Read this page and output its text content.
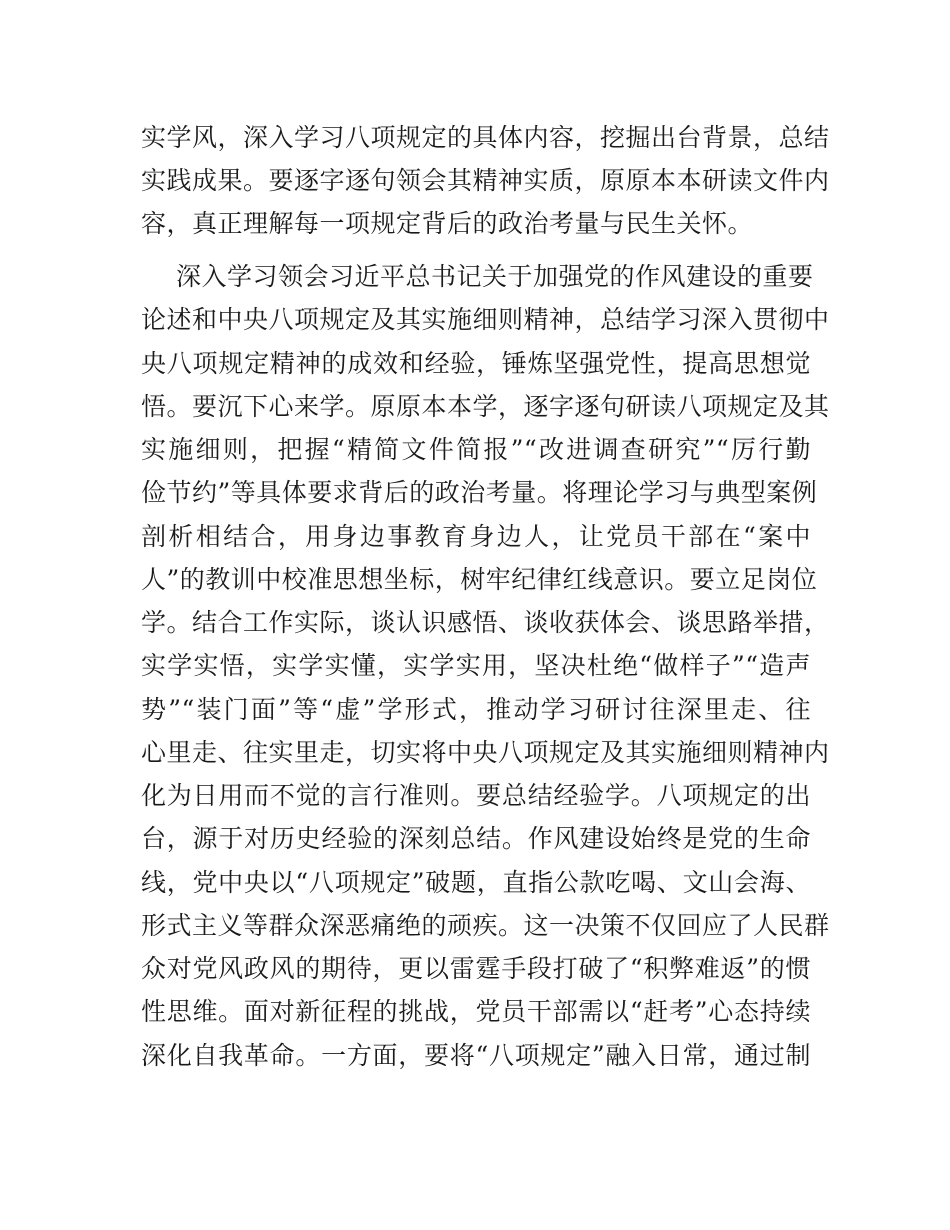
实学风，深入学习八项规定的具体内容，挖掘出台背景，总结
实践成果。要逐字逐句领会其精神实质，原原本本研读文件内
容，真正理解每一项规定背后的政治考量与民生关怀。
深入学习领会习近平总书记关于加强党的作风建设的重要
论述和中央八项规定及其实施细则精神，总结学习深入贯彻中
央八项规定精神的成效和经验，锤炼坚强党性，提高思想觉
悟。要沉下心来学。原原本本学，逐字逐句研读八项规定及其
实施细则，把握“精简文件简报”“改进调查研究”“厉行勤
俭节约”等具体要求背后的政治考量。将理论学习与典型案例
剖析相结合，用身边事教育身边人，让党员干部在“案中
人”的教训中校准思想坐标，树牢纪律红线意识。要立足岗位
学。结合工作实际，谈认识感悟、谈收获体会、谈思路举措，
实学实悟，实学实懂，实学实用，坚决杜绝“做样子”“造声
势”“装门面”等“虚”学形式，推动学习研讨往深里走、往
心里走、往实里走，切实将中央八项规定及其实施细则精神内
化为日用而不觉的言行准则。要总结经验学。八项规定的出
台，源于对历史经验的深刻总结。作风建设始终是党的生命
线，党中央以“八项规定”破题，直指公款吃喝、文山会海、
形式主义等群众深恶痛绝的顽疾。这一决策不仅回应了人民群
众对党风政风的期待，更以雷霆手段打破了“积弊难返”的惯
性思维。面对新征程的挑战，党员干部需以“赶考”心态持续
深化自我革命。一方面，要将“八项规定”融入日常，通过制
